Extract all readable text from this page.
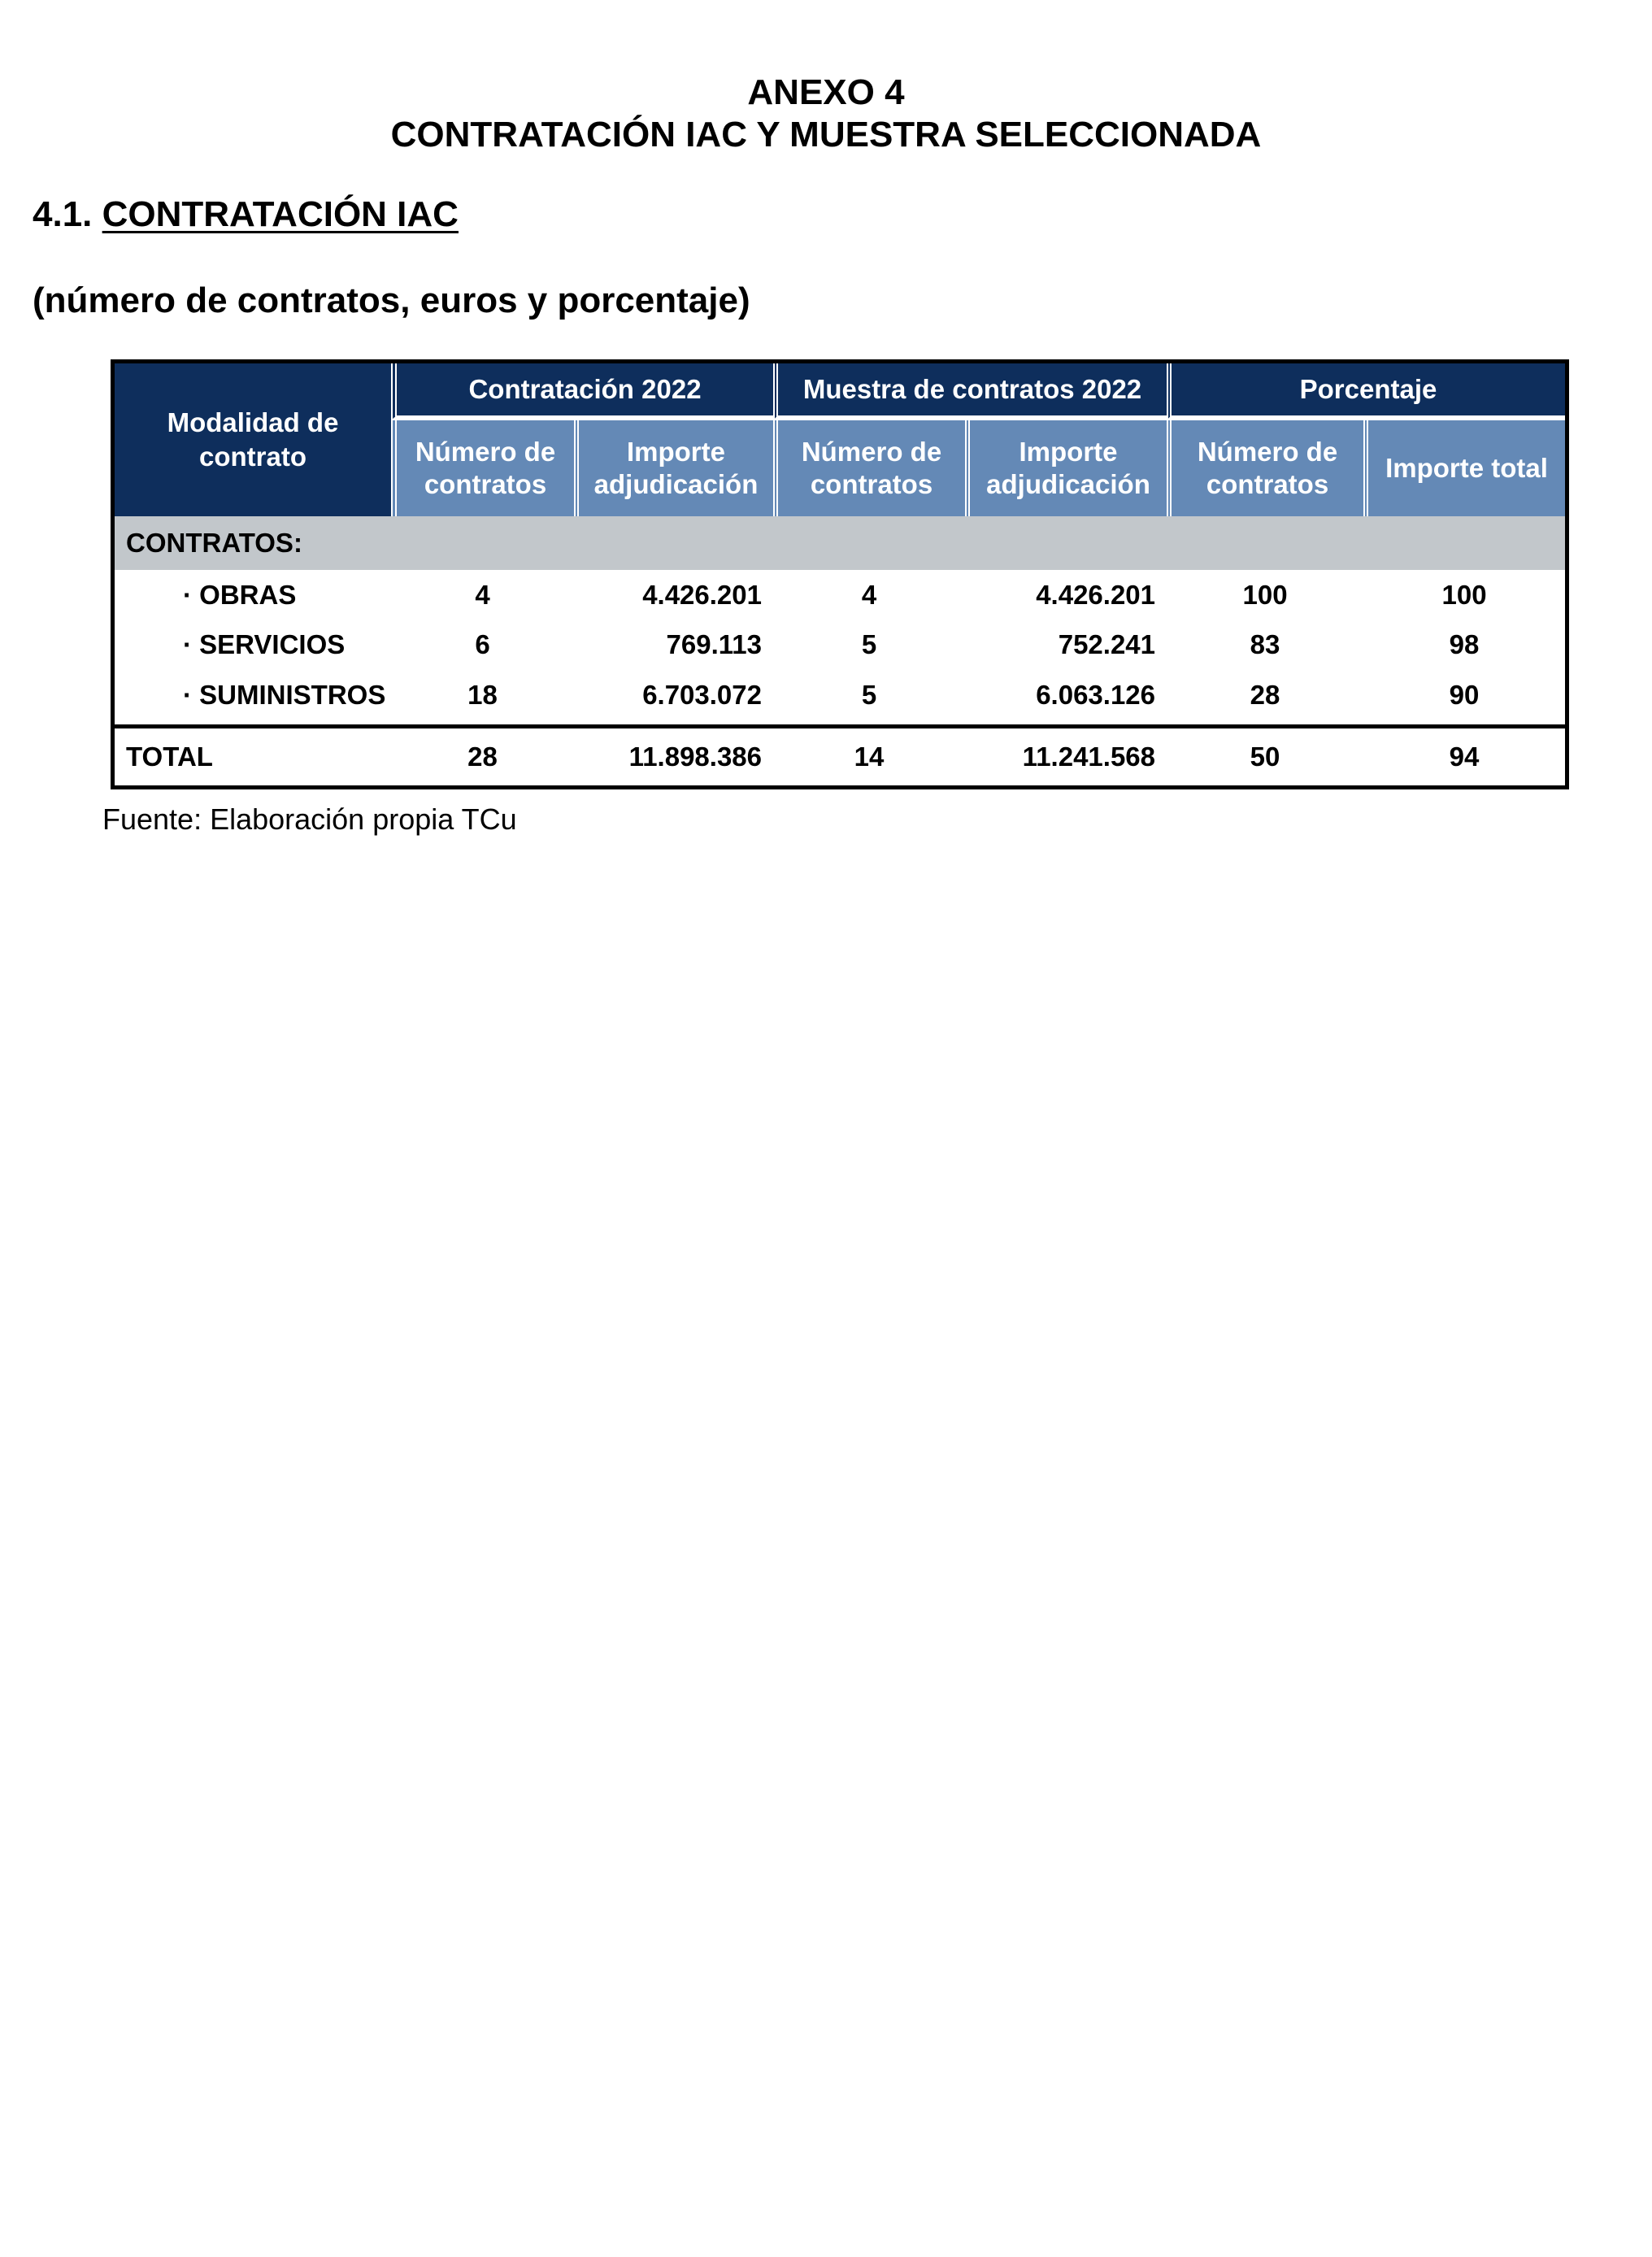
ANEXO 4
CONTRATACIÓN IAC Y MUESTRA SELECCIONADA
4.1. CONTRATACIÓN IAC
(número de contratos, euros y porcentaje)
Modalidad de contrato	Contratación 2022		Muestra de contratos 2022		Porcentaje	
	Número de contratos	Importe adjudicación	Número de contratos	Importe adjudicación	Número de contratos	Importe total
CONTRATOS:						
· OBRAS	4	4.426.201	4	4.426.201	100	100
· SERVICIOS	6	769.113	5	752.241	83	98
· SUMINISTROS	18	6.703.072	5	6.063.126	28	90
TOTAL	28	11.898.386	14	11.241.568	50	94
Fuente: Elaboración propia TCu
